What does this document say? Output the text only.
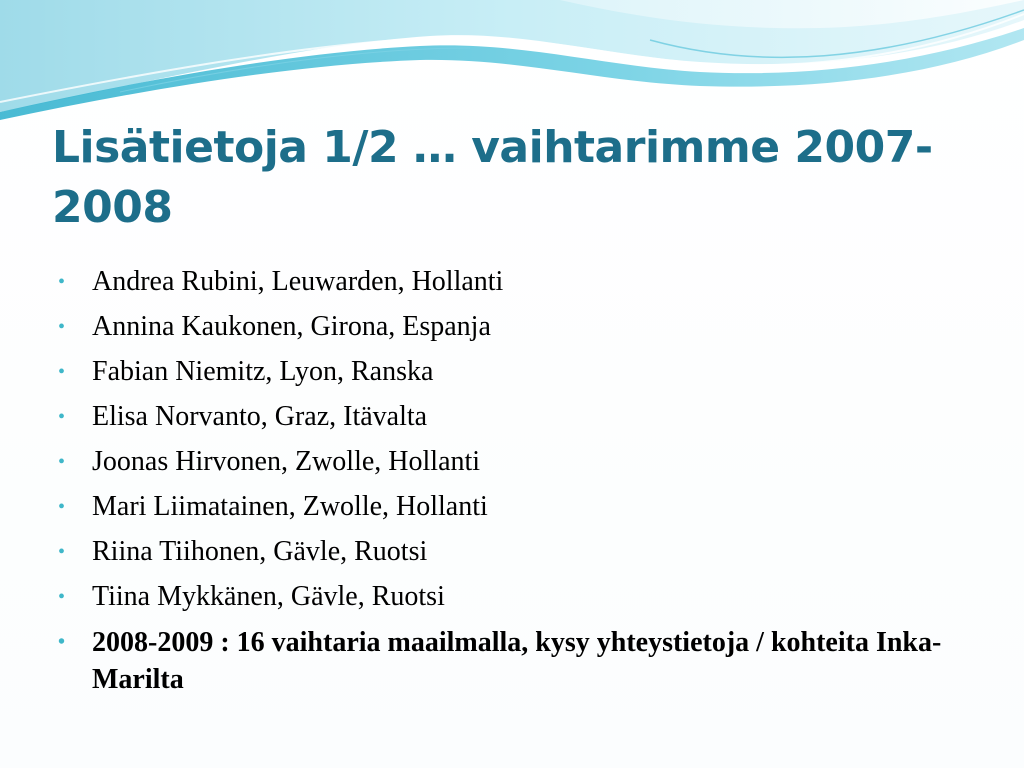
Lisätietoja 1/2 … vaihtarimme 2007-2008
• Andrea Rubini, Leuwarden, Hollanti
• Annina Kaukonen, Girona, Espanja
• Fabian Niemitz, Lyon, Ranska
• Elisa Norvanto, Graz, Itävalta
• Joonas Hirvonen, Zwolle, Hollanti
• Mari Liimatainen, Zwolle, Hollanti
• Riina Tiihonen, Gävle, Ruotsi
• Tiina Mykkänen, Gävle, Ruotsi
• 2008-2009 : 16 vaihtaria maailmalla, kysy yhteystietoja / kohteita Inka-Marilta
